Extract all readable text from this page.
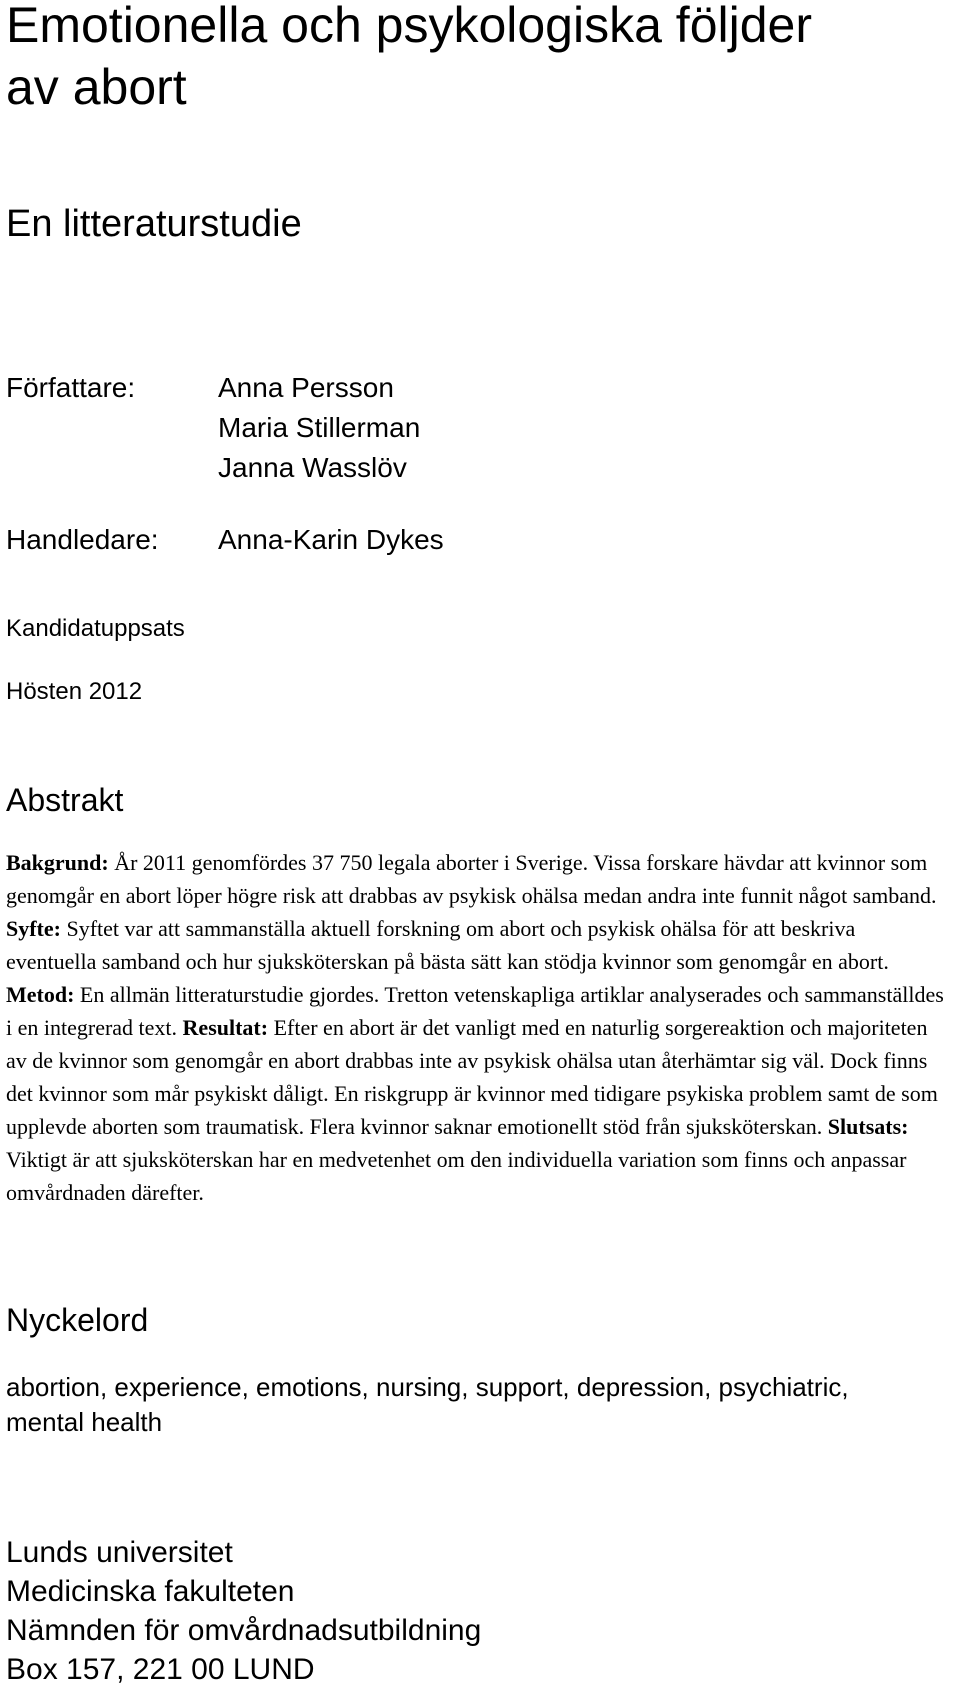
Emotionella och psykologiska följder av abort
En litteraturstudie
Författare:	Anna Persson
Maria Stillerman
Janna Wasslöv
Handledare: Anna-Karin Dykes
Kandidatuppsats
Hösten 2012
Abstrakt

Bakgrund: År 2011 genomfördes 37 750 legala aborter i Sverige. Vissa forskare hävdar att kvinnor som genomgår en abort löper högre risk att drabbas av psykisk ohälsa medan andra inte funnit något samband. Syfte: Syftet var att sammanställa aktuell forskning om abort och psykisk ohälsa för att beskriva eventuella samband och hur sjuksköterskan på bästa sätt kan stödja kvinnor som genomgår en abort. Metod: En allmän litteraturstudie gjordes. Tretton vetenskapliga artiklar analyserades och sammanställdes i en integrerad text. Resultat: Efter en abort är det vanligt med en naturlig sorgereaktion och majoriteten av de kvinnor som genomgår en abort drabbas inte av psykisk ohälsa utan återhämtar sig väl. Dock finns det kvinnor som mår psykiskt dåligt. En riskgrupp är kvinnor med tidigare psykiska problem samt de som upplevde aborten som traumatisk. Flera kvinnor saknar emotionellt stöd från sjuksköterskan. Slutsats: Viktigt är att sjuksköterskan har en medvetenhet om den individuella variation som finns och anpassar omvårdnaden därefter.

Nyckelord

abortion, experience, emotions, nursing, support, depression, psychiatric, mental health

Lunds universitet
Medicinska fakulteten
Nämnden för omvårdnadsutbildning
Box 157, 221 00 LUND
